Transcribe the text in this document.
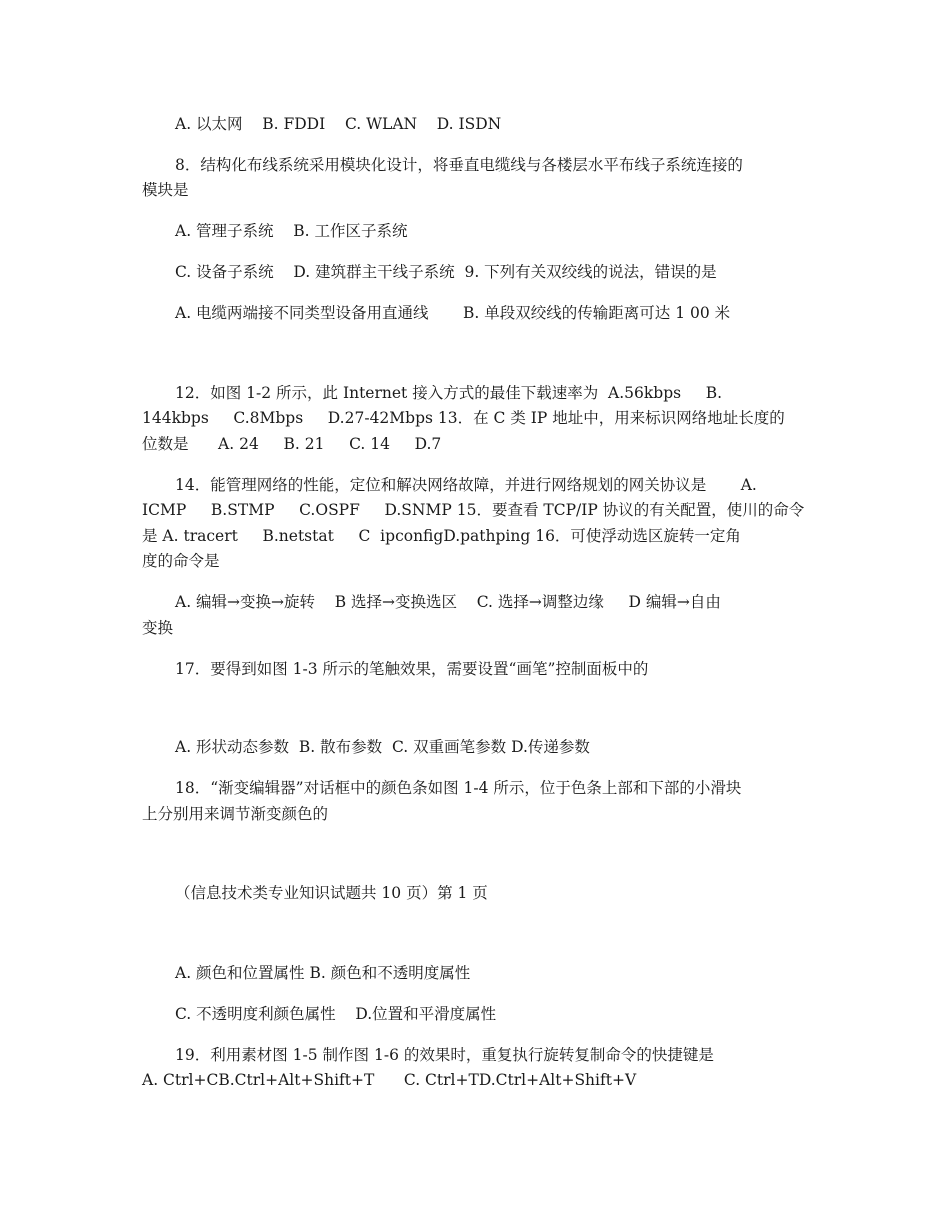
A. 以太网    B. FDDI    C. WLAN    D. ISDN
8．结构化布线系统采用模块化设计，将垂直电缆线与各楼层水平布线子系统连接的
模块是
A. 管理子系统    B. 工作区子系统
C. 设备子系统    D. 建筑群主干线子系统  9. 下列有关双绞线的说法，错误的是
A. 电缆两端接不同类型设备用直通线       B. 单段双绞线的传输距离可达 1 00 米
12．如图 1-2 所示，此 Internet 接入方式的最佳下载速率为  A.56kbps     B.
144kbps     C.8Mbps     D.27-42Mbps 13．在 C 类 IP 地址中，用来标识网络地址长度的
位数是      A. 24     B. 21     C. 14     D.7
14．能管理网络的性能，定位和解决网络故障，并进行网络规划的网关协议是       A.
ICMP     B.STMP     C.OSPF     D.SNMP 15．要查看 TCP/IP 协议的有关配置，使川的命令
是 A. tracert     B.netstat     C  ipconfigD.pathping 16．可使浮动选区旋转一定角
度的命令是
A. 编辑→变换→旋转    B 选择→变换选区    C. 选择→调整边缘     D 编辑→自由
变换
17．要得到如图 1-3 所示的笔触效果，需要设置“画笔”控制面板中的
A. 形状动态参数  B. 散布参数  C. 双重画笔参数 D.传递参数
18．“渐变编辑器”对话框中的颜色条如图 1-4 所示，位于色条上部和下部的小滑块
上分别用来调节渐变颜色的
（信息技术类专业知识试题共 10 页）第 1 页
A. 颜色和位置属性 B. 颜色和不透明度属性
C. 不透明度利颜色属性    D.位置和平滑度属性
19．利用素材图 1-5 制作图 1-6 的效果时，重复执行旋转复制命令的快捷键是
A. Ctrl+CB.Ctrl+Alt+Shift+T      C. Ctrl+TD.Ctrl+Alt+Shift+V
